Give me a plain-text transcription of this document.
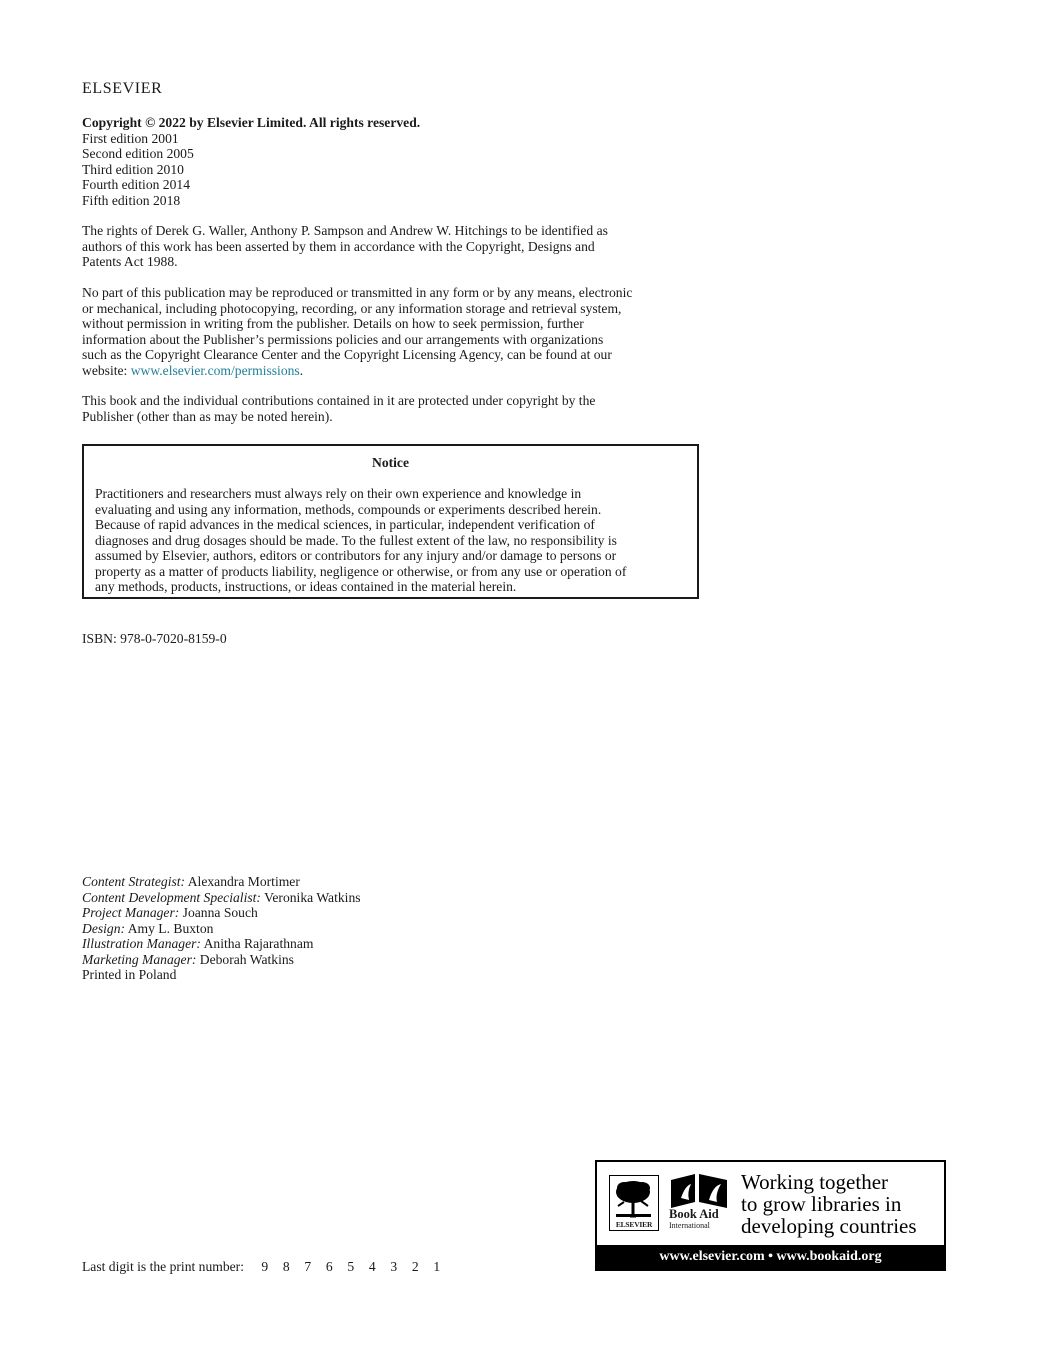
ELSEVIER
Copyright © 2022 by Elsevier Limited. All rights reserved.
First edition 2001
Second edition 2005
Third edition 2010
Fourth edition 2014
Fifth edition 2018
The rights of Derek G. Waller, Anthony P. Sampson and Andrew W. Hitchings to be identified as
authors of this work has been asserted by them in accordance with the Copyright, Designs and
Patents Act 1988.
No part of this publication may be reproduced or transmitted in any form or by any means, electronic
or mechanical, including photocopying, recording, or any information storage and retrieval system,
without permission in writing from the publisher. Details on how to seek permission, further
information about the Publisher’s permissions policies and our arrangements with organizations
such as the Copyright Clearance Center and the Copyright Licensing Agency, can be found at our
website: www.elsevier.com/permissions.
This book and the individual contributions contained in it are protected under copyright by the
Publisher (other than as may be noted herein).
Notice
Practitioners and researchers must always rely on their own experience and knowledge in
evaluating and using any information, methods, compounds or experiments described herein.
Because of rapid advances in the medical sciences, in particular, independent verification of
diagnoses and drug dosages should be made. To the fullest extent of the law, no responsibility is
assumed by Elsevier, authors, editors or contributors for any injury and/or damage to persons or
property as a matter of products liability, negligence or otherwise, or from any use or operation of
any methods, products, instructions, or ideas contained in the material herein.
ISBN: 978-0-7020-8159-0
Content Strategist: Alexandra Mortimer
Content Development Specialist: Veronika Watkins
Project Manager: Joanna Souch
Design: Amy L. Buxton
Illustration Manager: Anitha Rajarathnam
Marketing Manager: Deborah Watkins
Printed in Poland
Last digit is the print number: 9 8 7 6 5 4 3 2 1
ELSEVIER
Book Aid
International
Working together
to grow libraries in
developing countries
www.elsevier.com • www.bookaid.org
